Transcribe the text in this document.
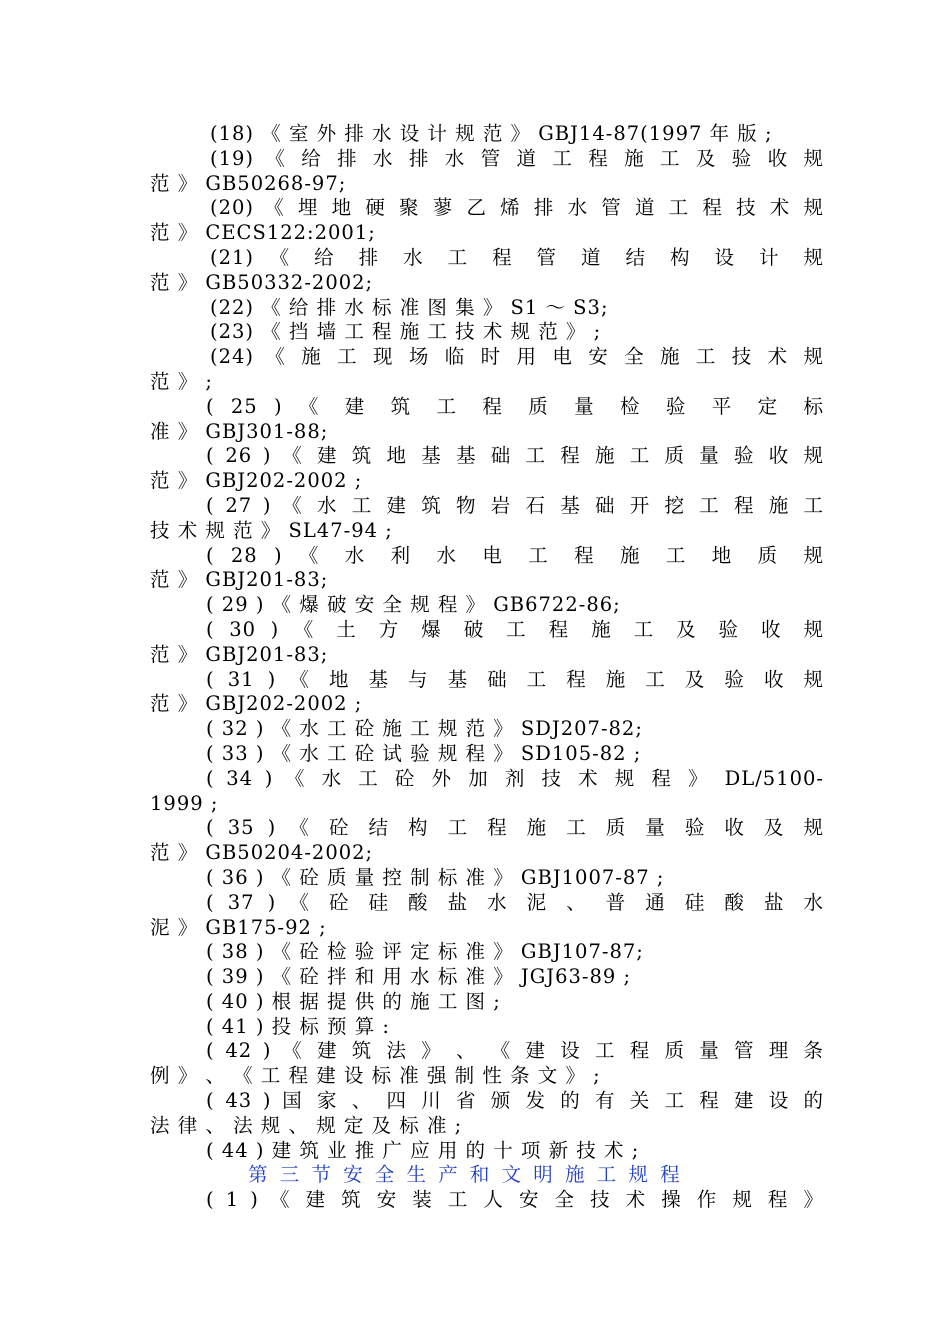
(18) 《 室 外 排 水 设 计 规 范 》 GBJ14-87(1997 年 版 ;
(19) 《 给 排 水 排 水 管 道 工 程 施 工 及 验 收 规
范 》 GB50268-97;
(20) 《 埋 地 硬 聚 蓼 乙 烯 排 水 管 道 工 程 技 术 规
范 》 CECS122:2001;
(21) 《 给 排 水 工 程 管 道 结 构 设 计 规
范 》 GB50332-2002;
(22) 《 给 排 水 标 准 图 集 》 S1 ～ S3;
(23) 《 挡 墙 工 程 施 工 技 术 规 范 》 ;
(24) 《 施 工 现 场 临 时 用 电 安 全 施 工 技 术 规
范 》 ;
( 25 ) 《 建 筑 工 程 质 量 检 验 平 定 标
准 》 GBJ301-88;
( 26 ) 《 建 筑 地 基 基 础 工 程 施 工 质 量 验 收 规
范 》 GBJ202-2002 ;
( 27 ) 《 水 工 建 筑 物 岩 石 基 础 开 挖 工 程 施 工
技 术 规 范 》 SL47-94 ;
( 28 ) 《 水 利 水 电 工 程 施 工 地 质 规
范 》 GBJ201-83;
( 29 ) 《 爆 破 安 全 规 程 》 GB6722-86;
( 30 ) 《 土 方 爆 破 工 程 施 工 及 验 收 规
范 》 GBJ201-83;
( 31 ) 《 地 基 与 基 础 工 程 施 工 及 验 收 规
范 》 GBJ202-2002 ;
( 32 ) 《 水 工 砼 施 工 规 范 》 SDJ207-82;
( 33 ) 《 水 工 砼 试 验 规 程 》 SD105-82 ;
( 34 ) 《 水 工 砼 外 加 剂 技 术 规 程 》 DL/5100-
1999 ;
( 35 ) 《 砼 结 构 工 程 施 工 质 量 验 收 及 规
范 》 GB50204-2002;
( 36 ) 《 砼 质 量 控 制 标 准 》 GBJ1007-87 ;
( 37 ) 《 砼 硅 酸 盐 水 泥 、 普 通 硅 酸 盐 水
泥 》 GB175-92 ;
( 38 ) 《 砼 检 验 评 定 标 准 》 GBJ107-87;
( 39 ) 《 砼 拌 和 用 水 标 准 》 JGJ63-89 ;
( 40 ) 根 据 提 供 的 施 工 图 ;
( 41 ) 投 标 预 算 :
( 42 ) 《 建 筑 法 》 、 《 建 设 工 程 质 量 管 理 条
例 》 、 《 工 程 建 设 标 准 强 制 性 条 文 》 ;
( 43 ) 国 家 、 四 川 省 颁 发 的 有 关 工 程 建 设 的
法 律 、 法 规 、 规 定 及 标 准 ;
( 44 ) 建 筑 业 推 广 应 用 的 十 项 新 技 术 ;
第 三 节 安 全 生 产 和 文 明 施 工 规 程
( 1 ) 《 建 筑 安 装 工 人 安 全 技 术 操 作 规 程 》
